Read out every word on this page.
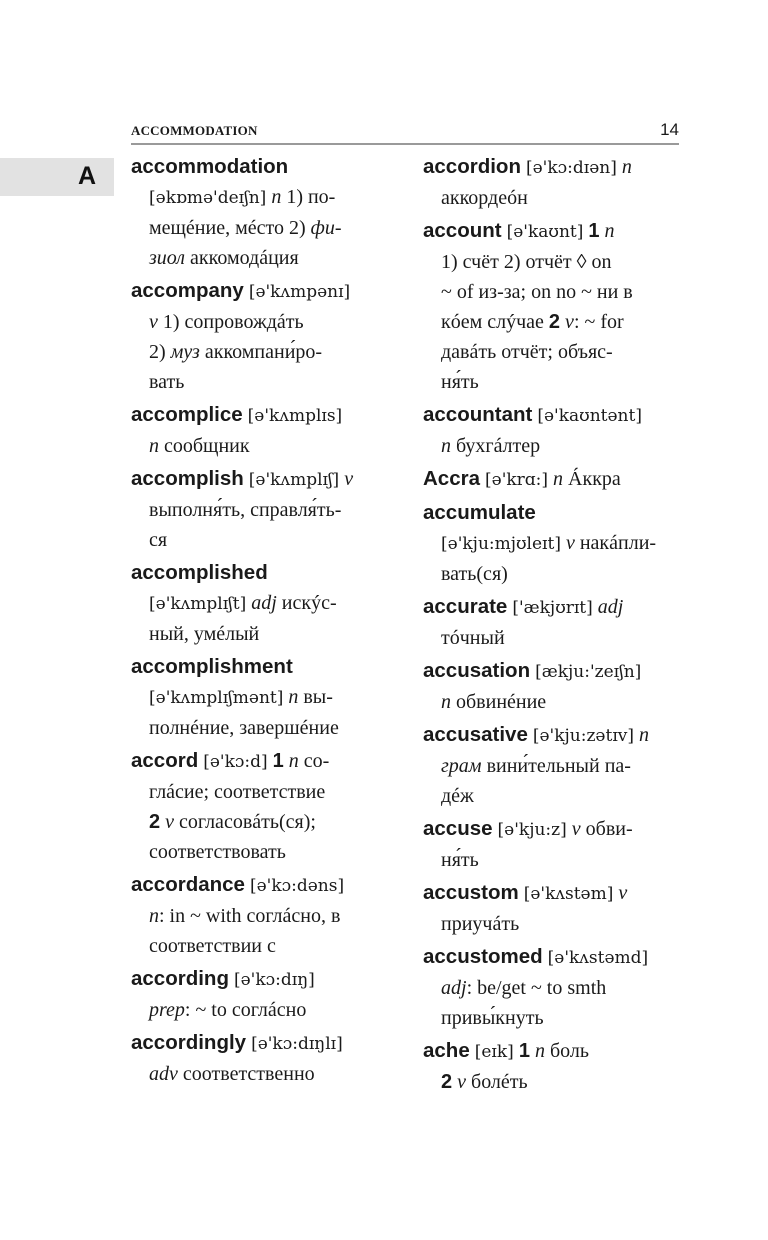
ACCOMMODATION	14
A accommodation
[əkɒmə'deɪʃn] n 1) по-
мещéние, мéсто 2) фи-
зиол аккомодáция

accompany [ə'kʌmpənɪ]
v 1) сопровождáть
2) муз аккомпани́ро-
вать

accomplice [ə'kʌmplɪs]
n сообщник

accomplish [ə'kʌmplɪʃ] v
выполня́ть, справля́ть-
ся

accomplished
[ə'kʌmplɪʃt] adj искýс-
ный, умéлый

accomplishment
[ə'kʌmplɪʃmənt] n вы-
полнéние, завершéние

accord [ə'kɔ:d] 1 n со-
глáсие; соответствие
2 v согласовáть(ся);
соответствовать

accordance [ə'kɔ:dəns]
n: in ~ with соглáсно, в
соответствии с

according [ə'kɔ:dɪŋ]
prep: ~ to соглáсно

accordingly [ə'kɔ:dɪŋlɪ]
adv соответственно

accordion [ə'kɔ:dɪən] n
аккордеóн

account [ə'kaʊnt] 1 n
1) счёт 2) отчёт ◊ on
~ of из-за; on no ~ ни в
кóем слýчае 2 v: ~ for
давáть отчёт; объяс-
ня́ть

accountant [ə'kaʊntənt]
n бухгáлтер

Accra [ə'krɑ:] n Áккра

accumulate
[ə'kju:mjʊleɪt] v накáпли-
вать(ся)

accurate ['ækjʊrɪt] adj
тóчный

accusation [ækju:'zeɪʃn]
n обвинéние

accusative [ə'kju:zətɪv] n
грам вини́тельный па-
дéж

accuse [ə'kju:z] v обви-
ня́ть

accustom [ə'kʌstəm] v
приучáть

accustomed [ə'kʌstəmd]
adj: be/get ~ to smth
привы́кнуть

ache [eɪk] 1 n боль
2 v болéть
